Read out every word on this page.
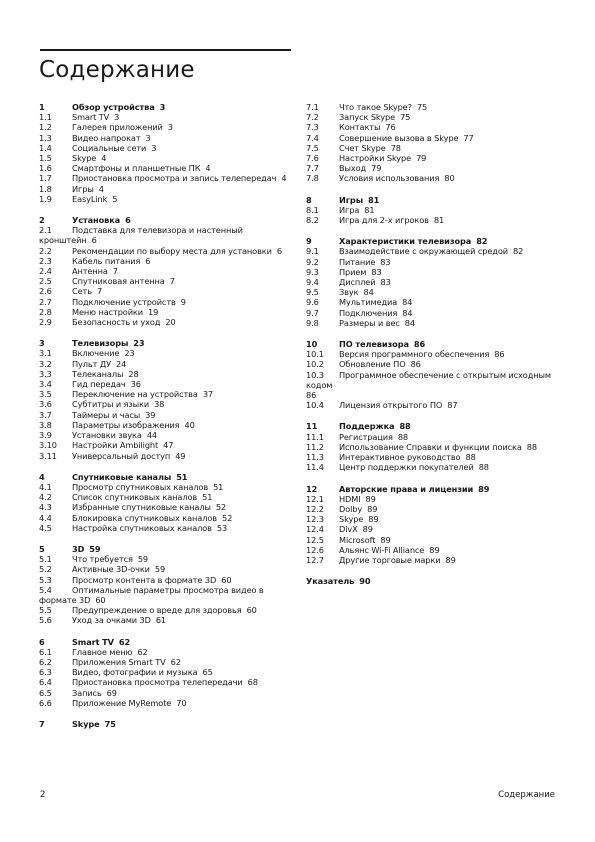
Содержание
1	Обзор устройства 3
1.1 Smart TV 3
1.2 Галерея приложений 3
1.3 Видео напрокат 3
1.4 Социальные сети 3
1.5 Skype 4
1.6 Смартфоны и планшетные ПК 4
1.7 Приостановка просмотра и запись телепередач 4
1.8 Игры 4
1.9 EasyLink 5
2	Установка 6
2.1 Подставка для телевизора и настенный
кронштейн 6
2.2 Рекомендации по выбору места для установки 6
2.3 Кабель питания 6
2.4 Антенна 7
2.5 Спутниковая антенна 7
2.6 Сеть 7
2.7 Подключение устройств 9
2.8 Меню настройки 19
2.9 Безопасность и уход 20
3	Телевизоры 23
3.1 Включение 23
3.2 Пульт ДУ 24
3.3 Телеканалы 28
3.4 Гид передач 36
3.5 Переключение на устройства 37
3.6 Субтитры и языки 38
3.7 Таймеры и часы 39
3.8 Параметры изображения 40
3.9 Установки звука 44
3.10 Настройки Ambilight 47
3.11 Универсальный доступ 49
4	Спутниковые каналы 51
4.1 Просмотр спутниковых каналов 51
4.2 Список спутниковых каналов 51
4.3 Избранные спутниковые каналы 52
4.4 Блокировка спутниковых каналов 52
4.5 Настройка спутниковых каналов 53
5	3D 59
5.1 Что требуется 59
5.2 Активные 3D-очки 59
5.3 Просмотр контента в формате 3D 60
5.4 Оптимальные параметры просмотра видео в
формате 3D 60
5.5 Предупреждение о вреде для здоровья 60
5.6 Уход за очками 3D 61
6	Smart TV 62
6.1 Главное меню 62
6.2 Приложения Smart TV 62
6.3 Видео, фотографии и музыка 65
6.4 Приостановка просмотра телепередачи 68
6.5 Запись 69
6.6 Приложение MyRemote 70
7	Skype 75
7.1 Что такое Skype? 75
7.2 Запуск Skype 75
7.3 Контакты 76
7.4 Совершение вызова в Skype 77
7.5 Счет Skype 78
7.6 Настройки Skype 79
7.7 Выход 79
7.8 Условия использования 80
8	Игры 81
8.1 Игра 81
8.2 Игра для 2-х игроков 81
9	Характеристики телевизора 82
9.1 Взаимодействие с окружающей средой 82
9.2 Питание 83
9.3 Прием 83
9.4 Дисплей 83
9.5 Звук 84
9.6 Мультимедиа 84
9.7 Подключения 84
9.8 Размеры и вес 84
10	ПО телевизора 86
10.1 Версия программного обеспечения 86
10.2 Обновление ПО 86
10.3 Программное обеспечение с открытым исходным
кодом
86
10.4 Лицензия открытого ПО 87
11	Поддержка 88
11.1 Регистрация 88
11.2 Использование Справки и функции поиска 88
11.3 Интерактивное руководство 88
11.4 Центр поддержки покупателей 88
12	Авторские права и лицензии 89
12.1 HDMI 89
12.2 Dolby 89
12.3 Skype 89
12.4 DivX 89
12.5 Microsoft 89
12.6 Альянс Wi-Fi Alliance 89
12.7 Другие торговые марки 89
Указатель 90
2	Содержание
